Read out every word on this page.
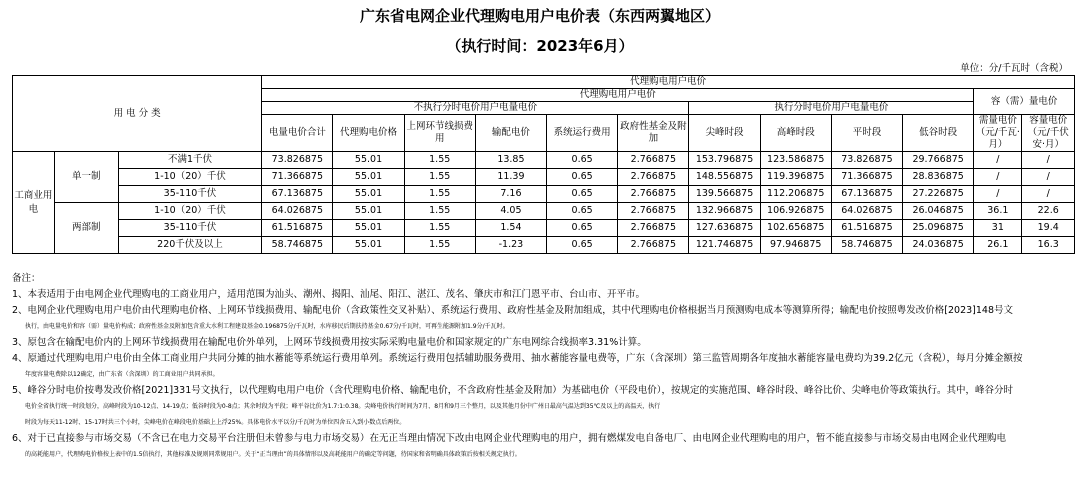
广东省电网企业代理购电用户电价表（东西两翼地区）
（执行时间：2023年6月）
单位：分/千瓦时（含税）
用 电 分 类			代理购电用户电价											
			代理购电用户电价										容（需）量电价	
			不执行分时电价用户电量电价						执行分时电价用户电量电价					
			电量电价合计	代理购电价格	上网环节线损费用	输配电价	系统运行费用	政府性基金及附加	尖峰时段	高峰时段	平时段	低谷时段	需量电价（元/千瓦·月）	容量电价（元/千伏安·月）
工商业用电	单一制	不满1千伏	73.826875	55.01	1.55	13.85	0.65	2.766875	153.796875	123.586875	73.826875	29.766875	/	/
		1-10（20）千伏	71.366875	55.01	1.55	11.39	0.65	2.766875	148.556875	119.396875	71.366875	28.836875	/	/
		35-110千伏	67.136875	55.01	1.55	7.16	0.65	2.766875	139.566875	112.206875	67.136875	27.226875	/	/
	两部制	1-10（20）千伏	64.026875	55.01	1.55	4.05	0.65	2.766875	132.966875	106.926875	64.026875	26.046875	36.1	22.6
		35-110千伏	61.516875	55.01	1.55	1.54	0.65	2.766875	127.636875	102.656875	61.516875	25.096875	31	19.4
		220千伏及以上	58.746875	55.01	1.55	-1.23	0.65	2.766875	121.746875	97.946875	58.746875	24.036875	26.1	16.3

备注：

1、本表适用于由电网企业代理购电的工商业用户，适用范围为汕头、潮州、揭阳、汕尾、阳江、湛江、茂名、肇庆市和江门恩平市、台山市、开平市。

2、电网企业代理购电用户电价由代理购电价格、上网环节线损费用、输配电价（含政策性交叉补贴）、系统运行费用、政府性基金及附加组成，其中代理购电价格根据当月预测购电成本等测算所得；输配电价按照粤发改价格[2023]148号文

执行，由电量电价和容（需）量电价构成；政府性基金及附加包含重大水利工程建设基金0.196875分/千瓦时，水库移民后期扶持基金0.67分/千瓦时，可再生能源附加1.9分/千瓦时。

3、原包含在输配电价内的上网环节线损费用在输配电价外单列，上网环节线损费用按实际采购电量电价和国家规定的广东电网综合线损率3.31%计算。

4、原通过代理购电用户电价由全体工商业用户共同分摊的抽水蓄能等系统运行费用单列。系统运行费用包括辅助服务费用、抽水蓄能容量电费等，广东（含深圳）第三监管周期各年度抽水蓄能容量电费均为39.2亿元（含税），每月分摊金额按

年度容量电费除以12确定，由广东省（含深圳）的工商业用户共同承担。

5、峰谷分时电价按粤发改价格[2021]331号文执行，以代理购电用户电价（含代理购电价格、输配电价，不含政府性基金及附加）为基础电价（平段电价），按规定的实施范围、峰谷时段、峰谷比价、尖峰电价等政策执行。其中，峰谷分时

电价全省执行统一时段划分，高峰时段为10-12点、14-19点；低谷时段为0-8点；其余时段为平段；峰平谷比价为1.7:1:0.38。尖峰电价执行时间为7月、8月和9月三个整月，以及其他月份中广州日最高气温达到35℃及以上的高温天，执行

时段为每天11-12时、15-17时共三个小时，尖峰电价在峰段电价基础上上浮25%。具体电价水平以分/千瓦时为单位四舍五入到小数点后两位。

6、对于已直接参与市场交易（不含已在电力交易平台注册但未曾参与电力市场交易）在无正当理由情况下改由电网企业代理购电的用户，拥有燃煤发电自备电厂、由电网企业代理购电的用户，暂不能直接参与市场交易由电网企业代理购电

的高耗能用户，代理购电价格按上表中的1.5倍执行，其他标准及规则同常规用户。关于“正当理由”的具体情形以及高耗能用户的确定等问题，待国家和省明确具体政策后按相关规定执行。
